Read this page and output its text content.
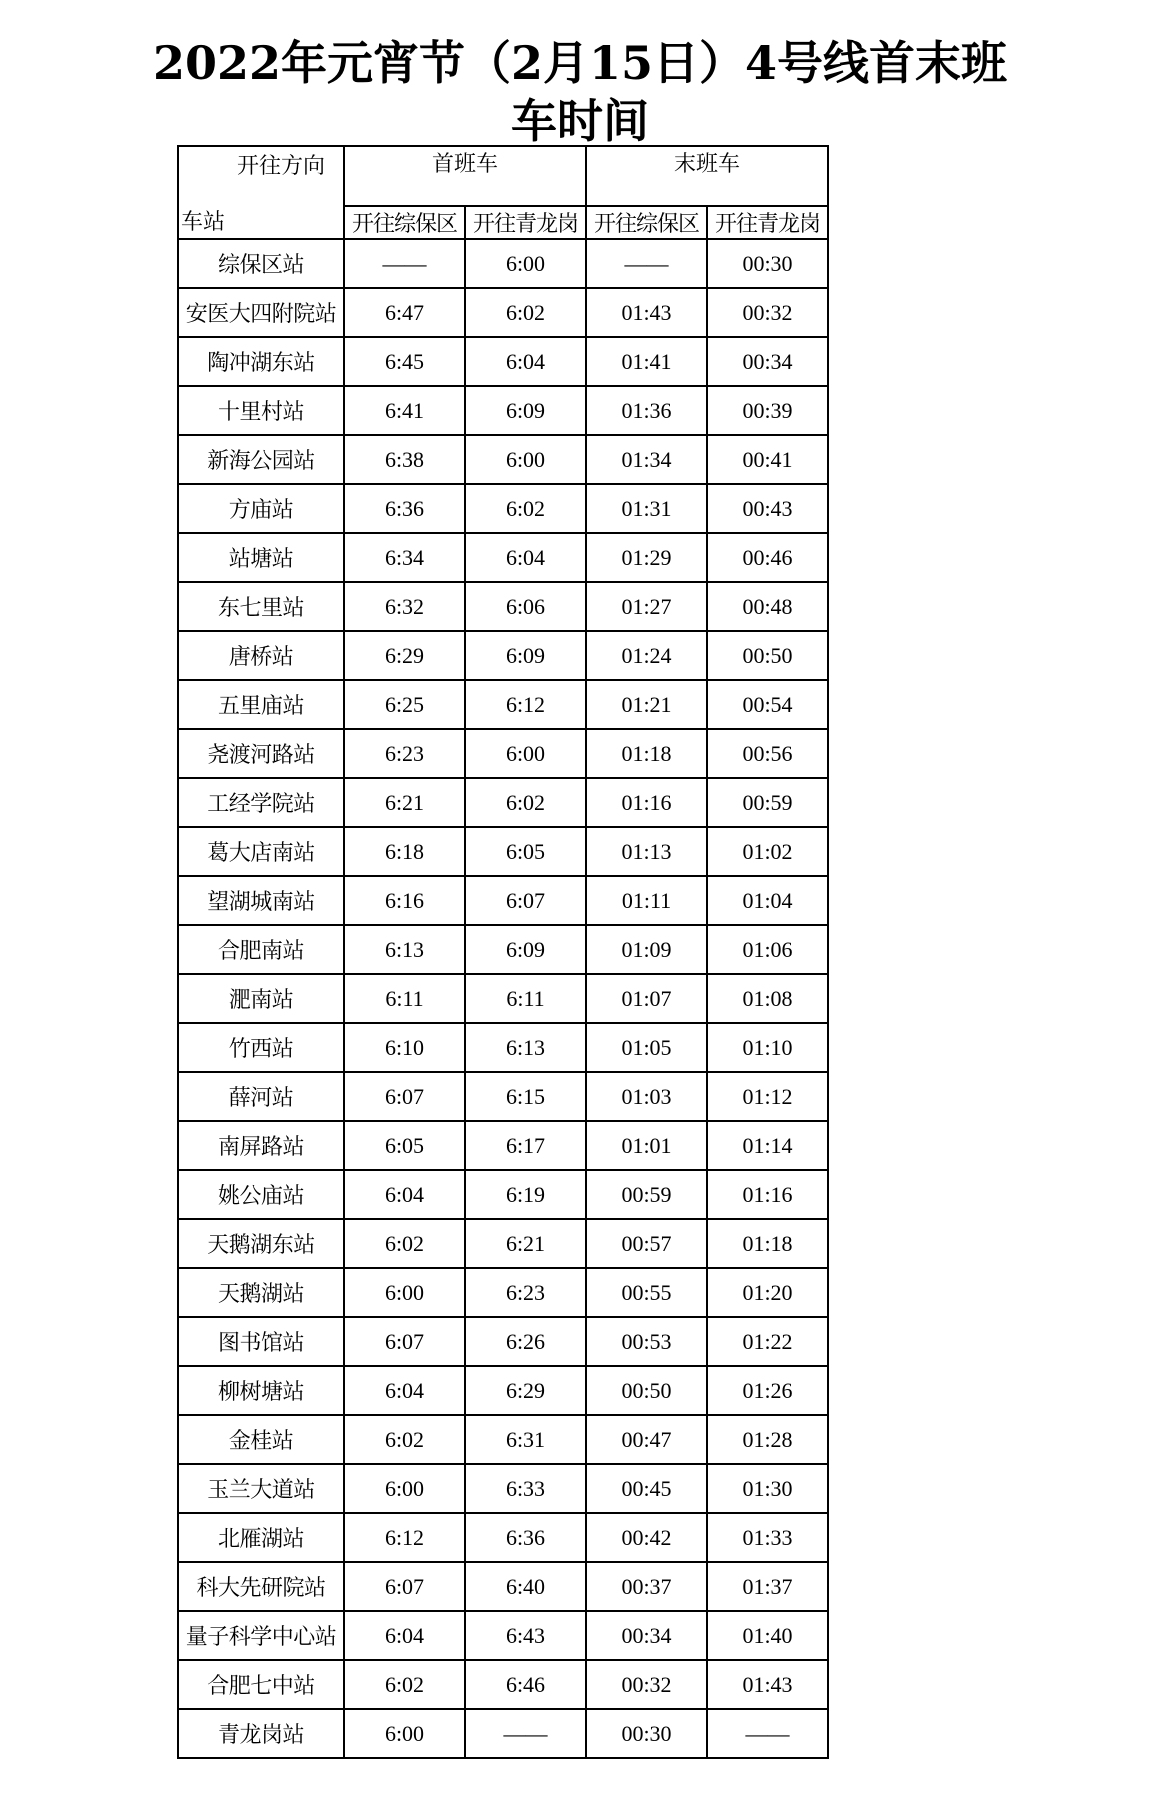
2022年元宵节（2月15日）4号线首末班车时间
开往方向
车站	首班车		末班车	

	开往综保区	开往青龙岗	开往综保区	开往青龙岗
综保区站	——	6:00	——	00:30
安医大四附院站	6:47	6:02	01:43	00:32
陶冲湖东站	6:45	6:04	01:41	00:34
十里村站	6:41	6:09	01:36	00:39
新海公园站	6:38	6:00	01:34	00:41
方庙站	6:36	6:02	01:31	00:43
站塘站	6:34	6:04	01:29	00:46
东七里站	6:32	6:06	01:27	00:48
唐桥站	6:29	6:09	01:24	00:50
五里庙站	6:25	6:12	01:21	00:54
尧渡河路站	6:23	6:00	01:18	00:56
工经学院站	6:21	6:02	01:16	00:59
葛大店南站	6:18	6:05	01:13	01:02
望湖城南站	6:16	6:07	01:11	01:04
合肥南站	6:13	6:09	01:09	01:06
淝南站	6:11	6:11	01:07	01:08
竹西站	6:10	6:13	01:05	01:10
薛河站	6:07	6:15	01:03	01:12
南屏路站	6:05	6:17	01:01	01:14
姚公庙站	6:04	6:19	00:59	01:16
天鹅湖东站	6:02	6:21	00:57	01:18
天鹅湖站	6:00	6:23	00:55	01:20
图书馆站	6:07	6:26	00:53	01:22
柳树塘站	6:04	6:29	00:50	01:26
金桂站	6:02	6:31	00:47	01:28
玉兰大道站	6:00	6:33	00:45	01:30
北雁湖站	6:12	6:36	00:42	01:33
科大先研院站	6:07	6:40	00:37	01:37
量子科学中心站	6:04	6:43	00:34	01:40
合肥七中站	6:02	6:46	00:32	01:43
青龙岗站	6:00	——	00:30	——
